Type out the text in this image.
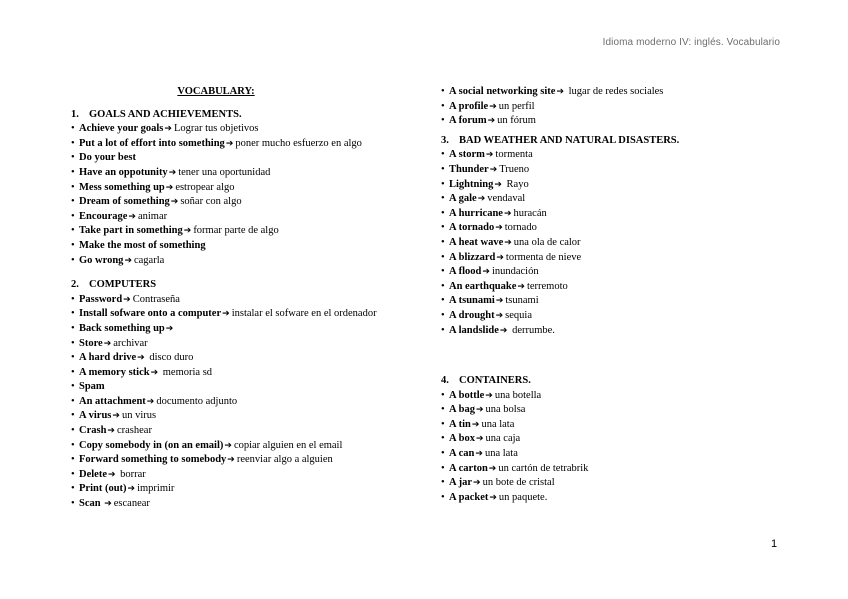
Idioma moderno IV: inglés. Vocabulario
VOCABULARY:
1. GOALS AND ACHIEVEMENTS.
• Achieve your goals➔ Lograr tus objetivos
• Put a lot of effort into something➔ poner mucho esfuerzo en algo
• Do your best
• Have an oppotunity➔ tener una oportunidad
• Mess something up➔ estropear algo
• Dream of something➔ soñar con algo
• Encourage➔ animar
• Take part in something➔ formar parte de algo
• Make the most of something
• Go wrong➔ cagarla
2. COMPUTERS
• Password➔ Contraseña
• Install sofware onto a computer➔ instalar el sofware en el ordenador
• Back something up➔
• Store➔ archivar
• A hard drive➔ disco duro
• A memory stick➔ memoria sd
• Spam
• An attachment➔ documento adjunto
• A virus➔ un virus
• Crash➔ crashear
• Copy somebody in (on an email)➔ copiar alguien en el email
• Forward something to somebody➔ reenviar algo a alguien
• Delete➔ borrar
• Print (out)➔ imprimir
• Scan ➔ escanear
• A social networking site➔ lugar de redes sociales
• A profile➔ un perfil
• A forum➔ un fórum
3. BAD WEATHER AND NATURAL DISASTERS.
• A storm➔ tormenta
• Thunder➔ Trueno
• Lightning➔ Rayo
• A gale➔ vendaval
• A hurricane➔ huracán
• A tornado➔ tornado
• A heat wave➔ una ola de calor
• A blizzard➔ tormenta de nieve
• A flood➔ inundación
• An earthquake➔ terremoto
• A tsunami➔ tsunami
• A drought➔ sequia
• A landslide➔ derrumbe.
4. CONTAINERS.
• A bottle➔ una botella
• A bag➔ una bolsa
• A tin➔ una lata
• A box➔ una caja
• A can➔ una lata
• A carton➔ un cartón de tetrabrik
• A jar➔ un bote de cristal
• A packet➔ un paquete.
1
